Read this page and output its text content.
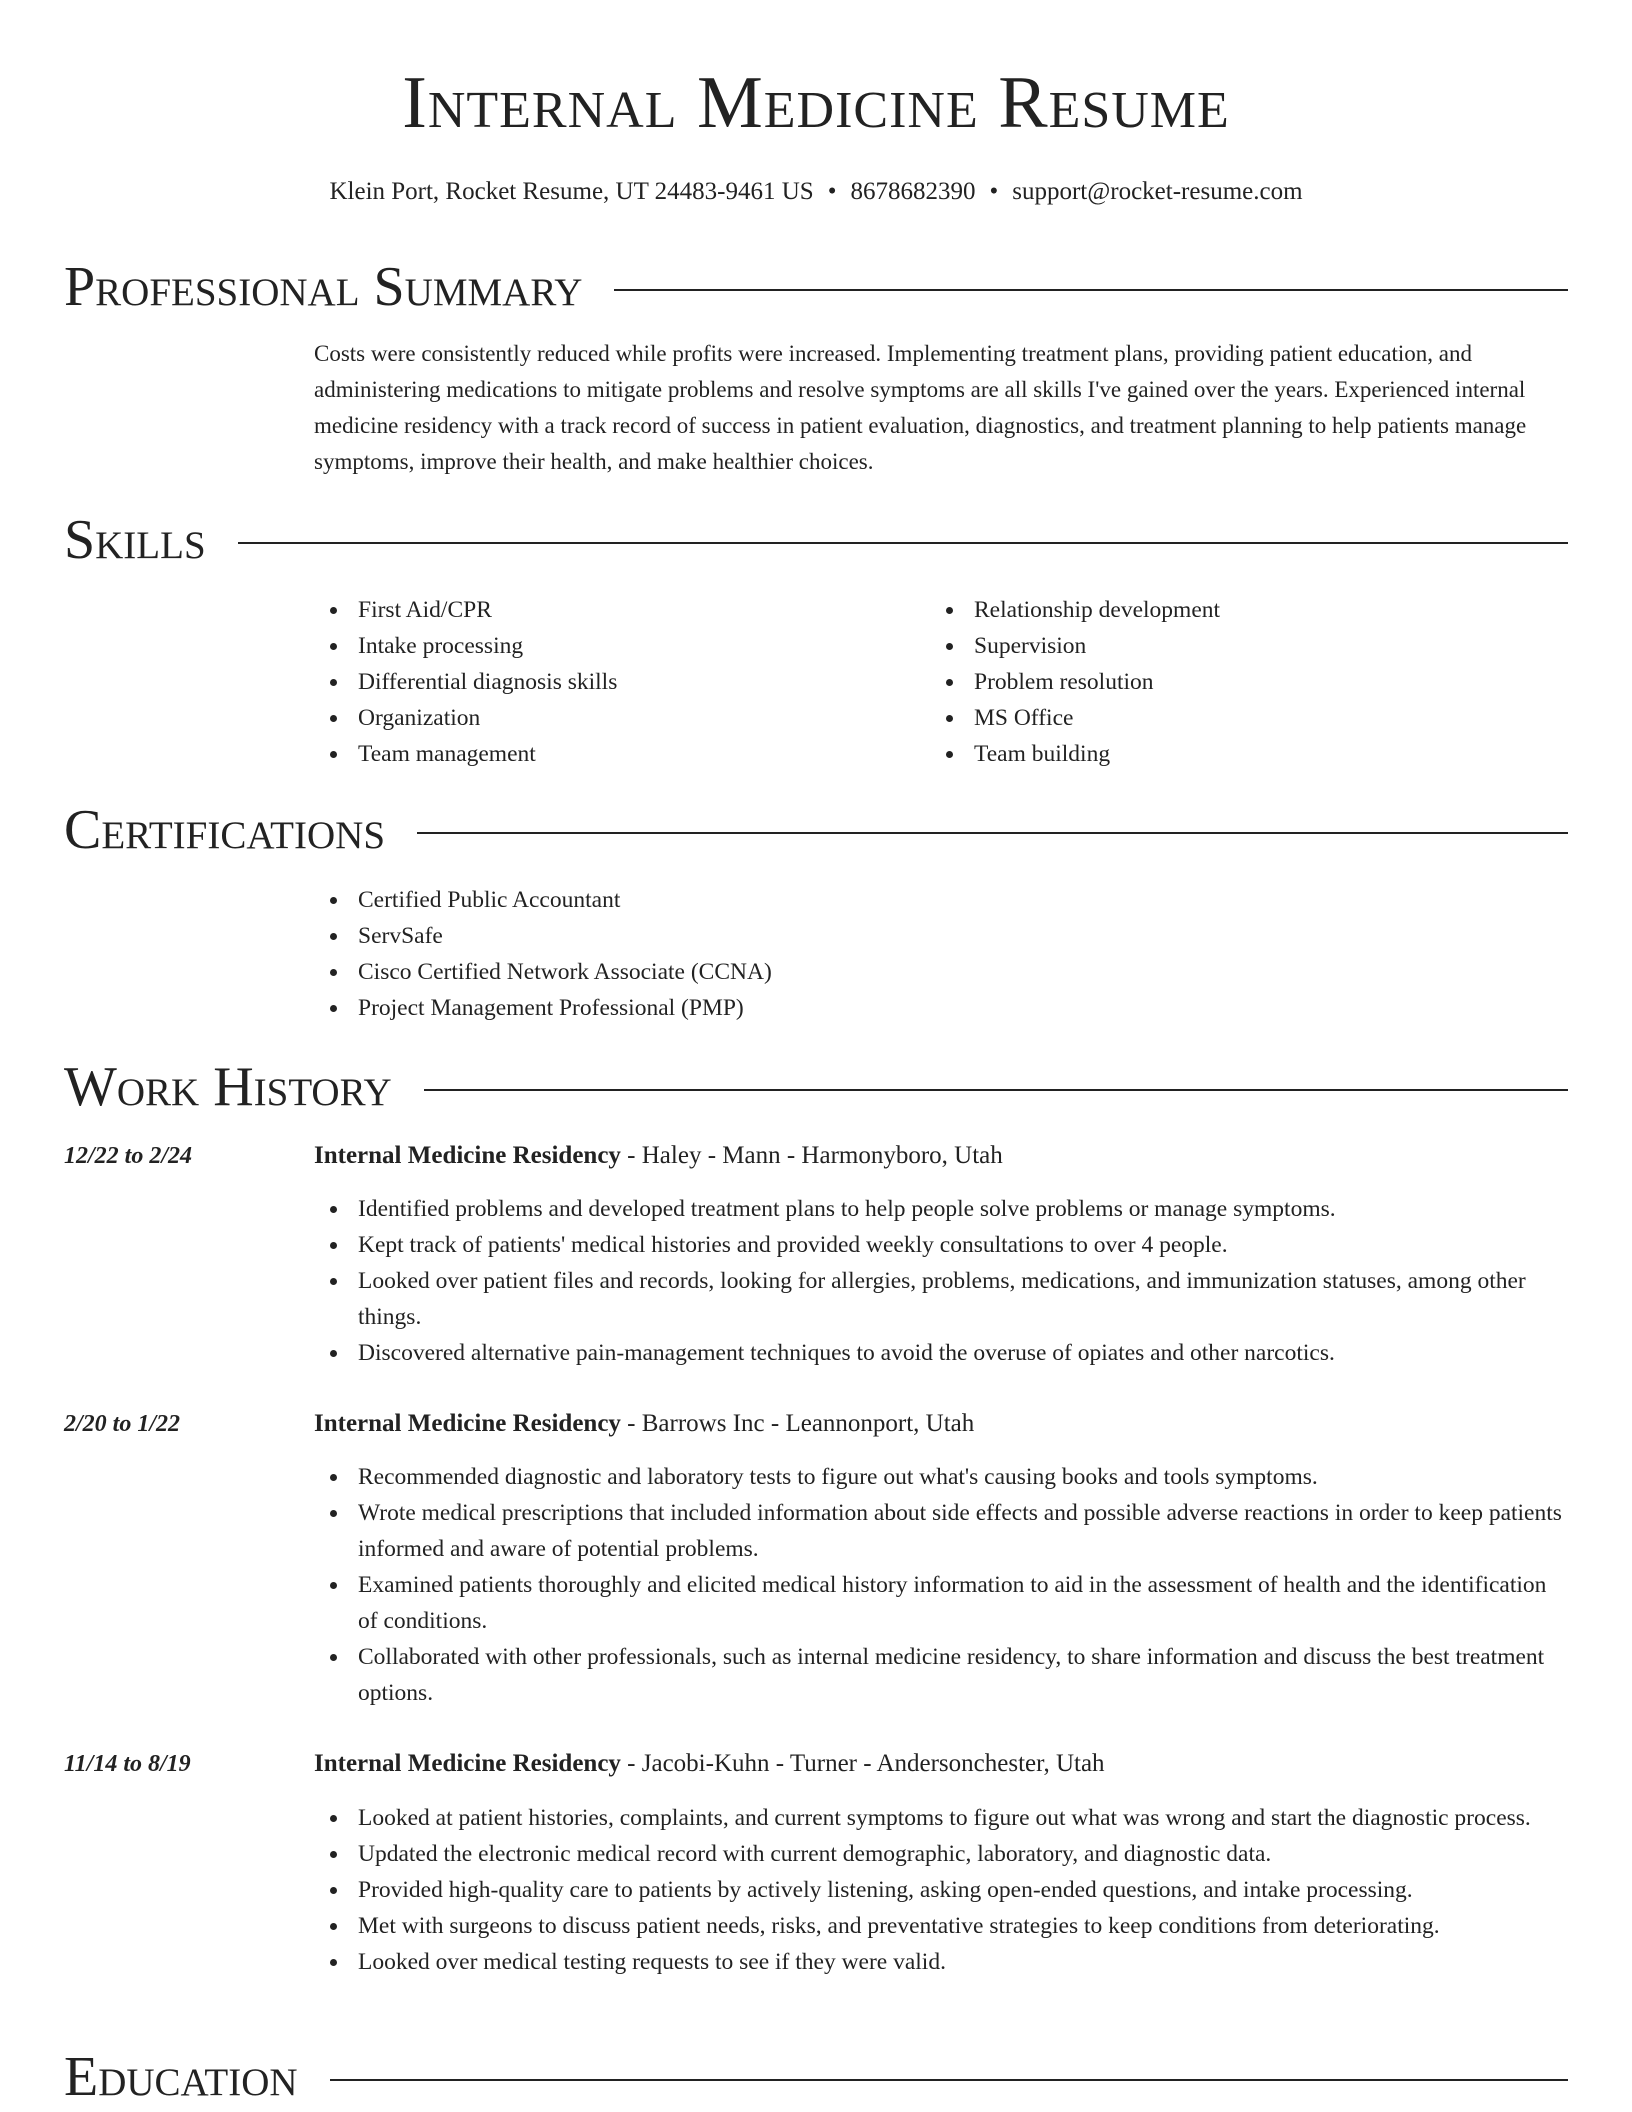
Internal Medicine Resume
Klein Port, Rocket Resume, UT 24483-9461 US • 8678682390 • support@rocket-resume.com
Professional Summary
Costs were consistently reduced while profits were increased. Implementing treatment plans, providing patient education, and administering medications to mitigate problems and resolve symptoms are all skills I've gained over the years. Experienced internal medicine residency with a track record of success in patient evaluation, diagnostics, and treatment planning to help patients manage symptoms, improve their health, and make healthier choices.
Skills
First Aid/CPR
Intake processing
Differential diagnosis skills
Organization
Team management
Relationship development
Supervision
Problem resolution
MS Office
Team building
Certifications
Certified Public Accountant
ServSafe
Cisco Certified Network Associate (CCNA)
Project Management Professional (PMP)
Work History
12/22 to 2/24	Internal Medicine Residency - Haley - Mann - Harmonyboro, Utah
Identified problems and developed treatment plans to help people solve problems or manage symptoms.
Kept track of patients' medical histories and provided weekly consultations to over 4 people.
Looked over patient files and records, looking for allergies, problems, medications, and immunization statuses, among other things.
Discovered alternative pain-management techniques to avoid the overuse of opiates and other narcotics.
2/20 to 1/22	Internal Medicine Residency - Barrows Inc - Leannonport, Utah
Recommended diagnostic and laboratory tests to figure out what's causing books and tools symptoms.
Wrote medical prescriptions that included information about side effects and possible adverse reactions in order to keep patients informed and aware of potential problems.
Examined patients thoroughly and elicited medical history information to aid in the assessment of health and the identification of conditions.
Collaborated with other professionals, such as internal medicine residency, to share information and discuss the best treatment options.
11/14 to 8/19	Internal Medicine Residency - Jacobi-Kuhn - Turner - Andersonchester, Utah
Looked at patient histories, complaints, and current symptoms to figure out what was wrong and start the diagnostic process.
Updated the electronic medical record with current demographic, laboratory, and diagnostic data.
Provided high-quality care to patients by actively listening, asking open-ended questions, and intake processing.
Met with surgeons to discuss patient needs, risks, and preventative strategies to keep conditions from deteriorating.
Looked over medical testing requests to see if they were valid.
Education
